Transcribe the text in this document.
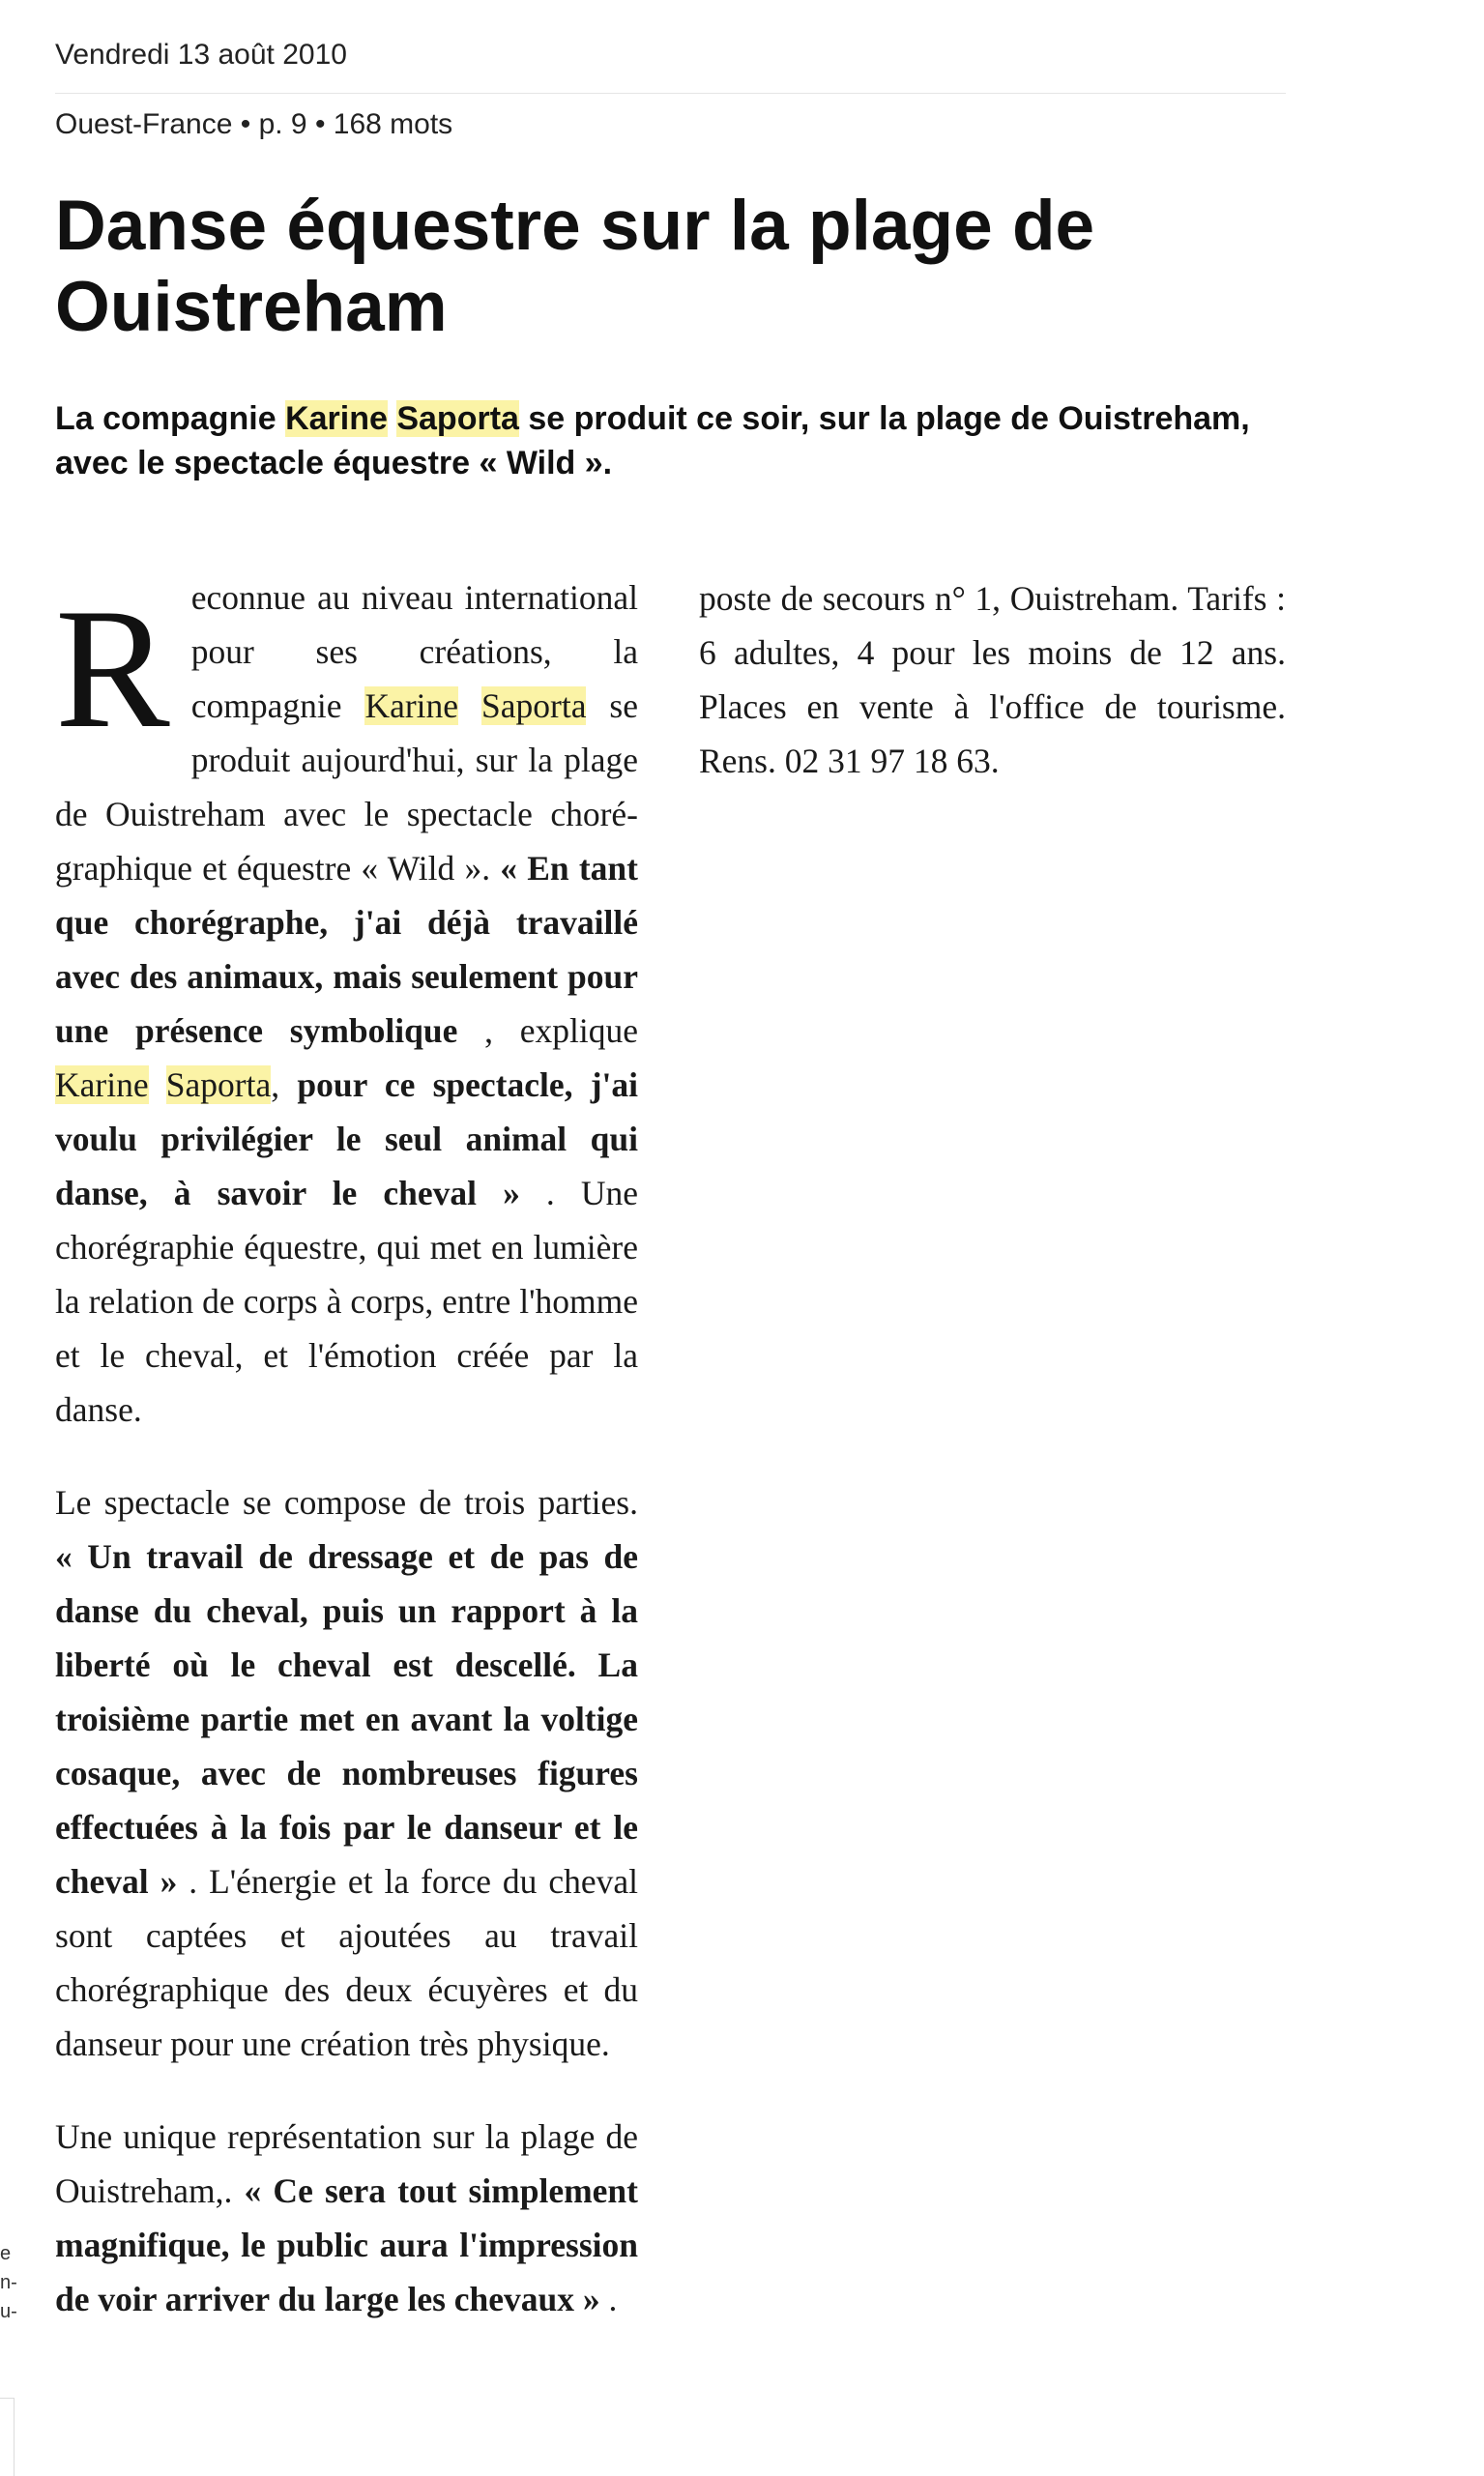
Vendredi 13 août 2010
Ouest-France • p. 9 • 168 mots
Danse équestre sur la plage de Ouistreham

La compagnie Karine Saporta se produit ce soir, sur la plage de Ouistreham, avec le spectacle équestre « Wild ».

Reconnue au niveau international pour ses créations, la compagnie Karine Saporta se produit aujourd'hui, sur la plage de Ouistreham avec le spectacle chorégraphique et équestre « Wild ». « En tant que chorégraphe, j'ai déjà travaillé avec des animaux, mais seulement pour une présence symbolique , explique Karine Saporta, pour ce spectacle, j'ai voulu privilégier le seul animal qui danse, à savoir le cheval » . Une chorégraphie équestre, qui met en lumière la relation de corps à corps, entre l'homme et le cheval, et l'émotion créée par la danse.

Le spectacle se compose de trois parties. « Un travail de dressage et de pas de danse du cheval, puis un rapport à la liberté où le cheval est descellé. La troisième partie met en avant la voltige cosaque, avec de nombreuses figures effectuées à la fois par le danseur et le cheval » . L'énergie et la force du cheval sont captées et ajoutées au travail chorégraphique des deux écuyères et du danseur pour une création très physique.

Une unique représentation sur la plage de Ouistreham,. « Ce sera tout simplement magnifique, le public aura l'impression de voir arriver du large les chevaux » .

poste de secours n° 1, Ouistreham. Tarifs : 6 adultes, 4 pour les moins de 12 ans. Places en vente à l'office de tourisme. Rens. 02 31 97 18 63.

e
n-
u-
